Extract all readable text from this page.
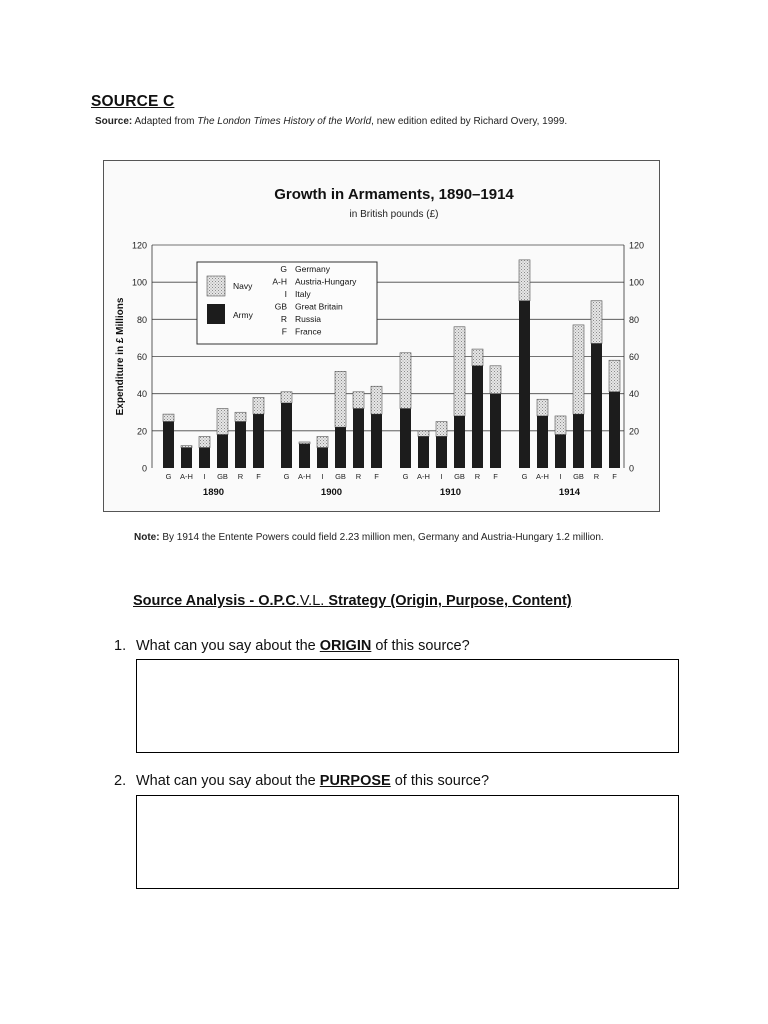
SOURCE C
Source: Adapted from The London Times History of the World, new edition edited by Richard Overy, 1999.
Growth in Armaments, 1890–1914
in British pounds (£)
0	0
20	20
40	40
60	60
80	80
100	100
120	120
Expenditure in £ Millions
G A-H I GB R F
1890
G A-H I GB R F
1900
G A-H I GB R F
1910
G A-H I GB R F
1914
Navy
Army
G Germany
A-H Austria-Hungary
I Italy
GB Great Britain
R Russia
F France
Note: By 1914 the Entente Powers could field 2.23 million men, Germany and Austria-Hungary 1.2 million.
Source Analysis - O.P.C.V.L. Strategy (Origin, Purpose, Content)
1. What can you say about the ORIGIN of this source?
2. What can you say about the PURPOSE of this source?
